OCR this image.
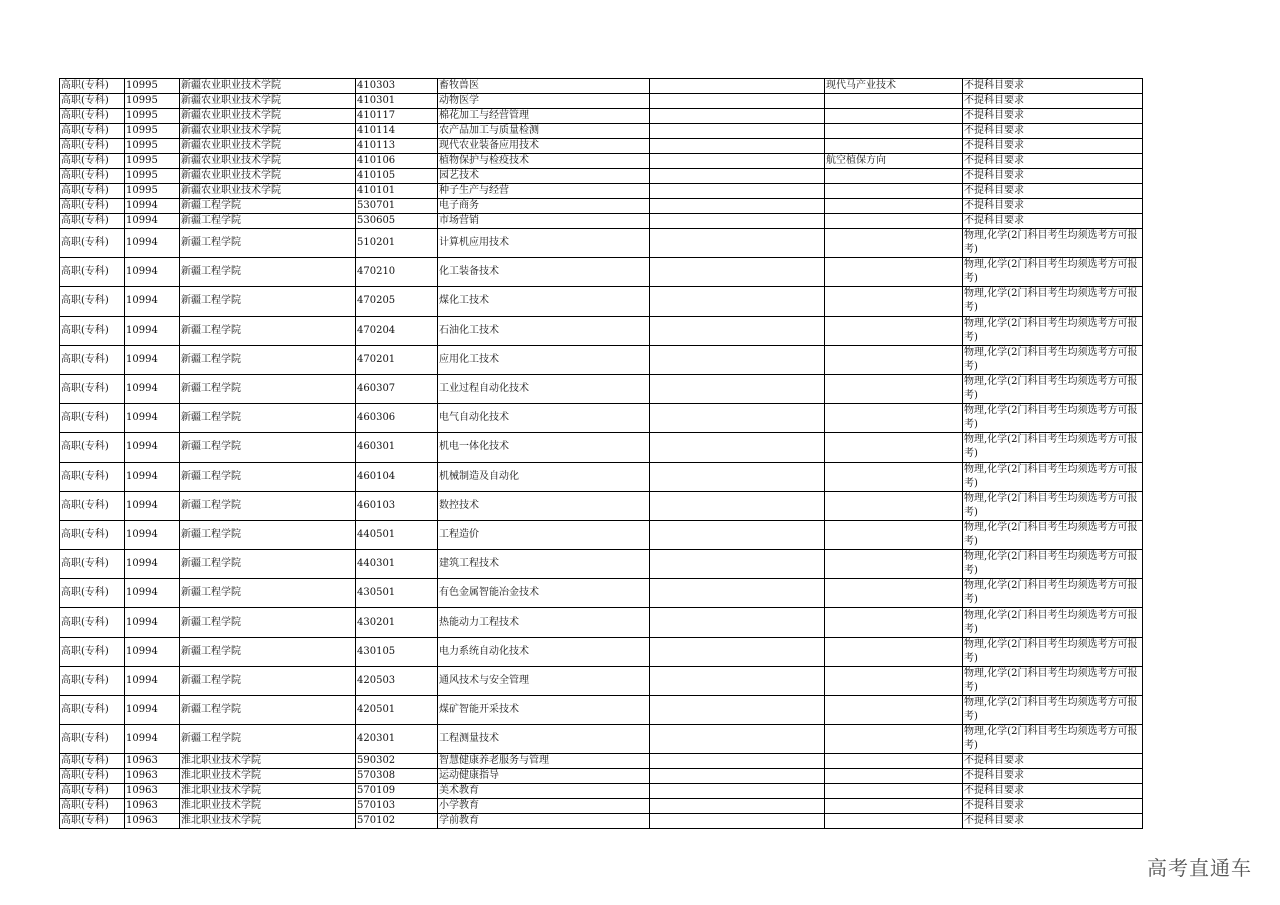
高职(专科)	10995	新疆农业职业技术学院	410303	畜牧兽医		现代马产业技术	不提科目要求
高职(专科)	10995	新疆农业职业技术学院	410301	动物医学			不提科目要求
高职(专科)	10995	新疆农业职业技术学院	410117	棉花加工与经营管理			不提科目要求
高职(专科)	10995	新疆农业职业技术学院	410114	农产品加工与质量检测			不提科目要求
高职(专科)	10995	新疆农业职业技术学院	410113	现代农业装备应用技术			不提科目要求
高职(专科)	10995	新疆农业职业技术学院	410106	植物保护与检疫技术		航空植保方向	不提科目要求
高职(专科)	10995	新疆农业职业技术学院	410105	园艺技术			不提科目要求
高职(专科)	10995	新疆农业职业技术学院	410101	种子生产与经营			不提科目要求
高职(专科)	10994	新疆工程学院	530701	电子商务			不提科目要求
高职(专科)	10994	新疆工程学院	530605	市场营销			不提科目要求
高职(专科)	10994	新疆工程学院	510201	计算机应用技术			物理,化学(2门科目考生均须选考方可报考)
高职(专科)	10994	新疆工程学院	470210	化工装备技术			物理,化学(2门科目考生均须选考方可报考)
高职(专科)	10994	新疆工程学院	470205	煤化工技术			物理,化学(2门科目考生均须选考方可报考)
高职(专科)	10994	新疆工程学院	470204	石油化工技术			物理,化学(2门科目考生均须选考方可报考)
高职(专科)	10994	新疆工程学院	470201	应用化工技术			物理,化学(2门科目考生均须选考方可报考)
高职(专科)	10994	新疆工程学院	460307	工业过程自动化技术			物理,化学(2门科目考生均须选考方可报考)
高职(专科)	10994	新疆工程学院	460306	电气自动化技术			物理,化学(2门科目考生均须选考方可报考)
高职(专科)	10994	新疆工程学院	460301	机电一体化技术			物理,化学(2门科目考生均须选考方可报考)
高职(专科)	10994	新疆工程学院	460104	机械制造及自动化			物理,化学(2门科目考生均须选考方可报考)
高职(专科)	10994	新疆工程学院	460103	数控技术			物理,化学(2门科目考生均须选考方可报考)
高职(专科)	10994	新疆工程学院	440501	工程造价			物理,化学(2门科目考生均须选考方可报考)
高职(专科)	10994	新疆工程学院	440301	建筑工程技术			物理,化学(2门科目考生均须选考方可报考)
高职(专科)	10994	新疆工程学院	430501	有色金属智能冶金技术			物理,化学(2门科目考生均须选考方可报考)
高职(专科)	10994	新疆工程学院	430201	热能动力工程技术			物理,化学(2门科目考生均须选考方可报考)
高职(专科)	10994	新疆工程学院	430105	电力系统自动化技术			物理,化学(2门科目考生均须选考方可报考)
高职(专科)	10994	新疆工程学院	420503	通风技术与安全管理			物理,化学(2门科目考生均须选考方可报考)
高职(专科)	10994	新疆工程学院	420501	煤矿智能开采技术			物理,化学(2门科目考生均须选考方可报考)
高职(专科)	10994	新疆工程学院	420301	工程测量技术			物理,化学(2门科目考生均须选考方可报考)
高职(专科)	10963	淮北职业技术学院	590302	智慧健康养老服务与管理			不提科目要求
高职(专科)	10963	淮北职业技术学院	570308	运动健康指导			不提科目要求
高职(专科)	10963	淮北职业技术学院	570109	美术教育			不提科目要求
高职(专科)	10963	淮北职业技术学院	570103	小学教育			不提科目要求
高职(专科)	10963	淮北职业技术学院	570102	学前教育			不提科目要求
高考直通车
